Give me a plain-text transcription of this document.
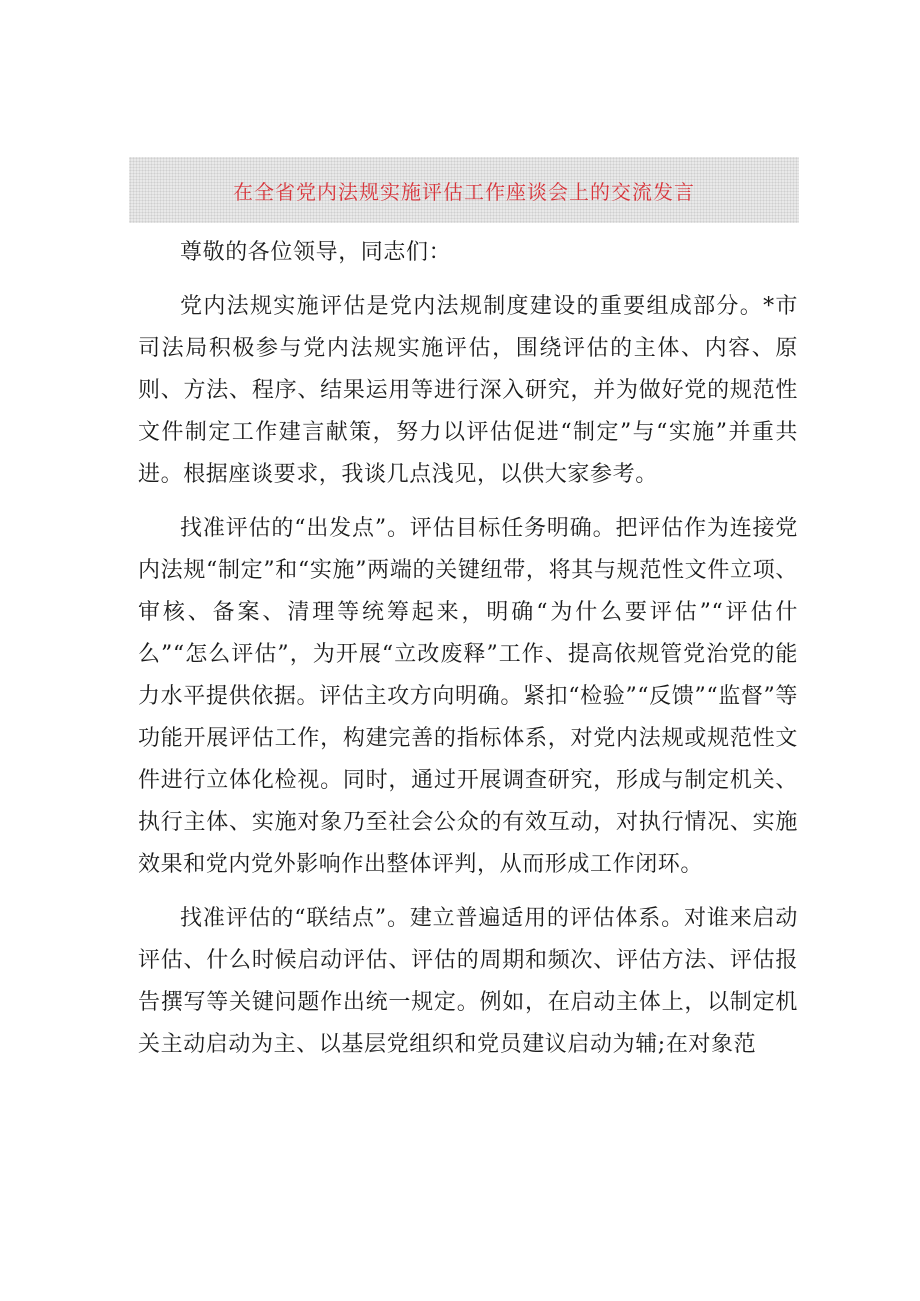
在全省党内法规实施评估工作座谈会上的交流发言

尊敬的各位领导，同志们：

党内法规实施评估是党内法规制度建设的重要组成部分。*市司法局积极参与党内法规实施评估，围绕评估的主体、内容、原则、方法、程序、结果运用等进行深入研究，并为做好党的规范性文件制定工作建言献策，努力以评估促进“制定”与“实施”并重共进。根据座谈要求，我谈几点浅见，以供大家参考。

找准评估的“出发点”。评估目标任务明确。把评估作为连接党内法规“制定”和“实施”两端的关键纽带，将其与规范性文件立项、审核、备案、清理等统筹起来，明确“为什么要评估”“评估什么”“怎么评估”，为开展“立改废释”工作、提高依规管党治党的能力水平提供依据。评估主攻方向明确。紧扣“检验”“反馈”“监督”等功能开展评估工作，构建完善的指标体系，对党内法规或规范性文件进行立体化检视。同时，通过开展调查研究，形成与制定机关、执行主体、实施对象乃至社会公众的有效互动，对执行情况、实施效果和党内党外影响作出整体评判，从而形成工作闭环。

找准评估的“联结点”。建立普遍适用的评估体系。对谁来启动评估、什么时候启动评估、评估的周期和频次、评估方法、评估报告撰写等关键问题作出统一规定。例如，在启动主体上，以制定机关主动启动为主、以基层党组织和党员建议启动为辅;在对象范
